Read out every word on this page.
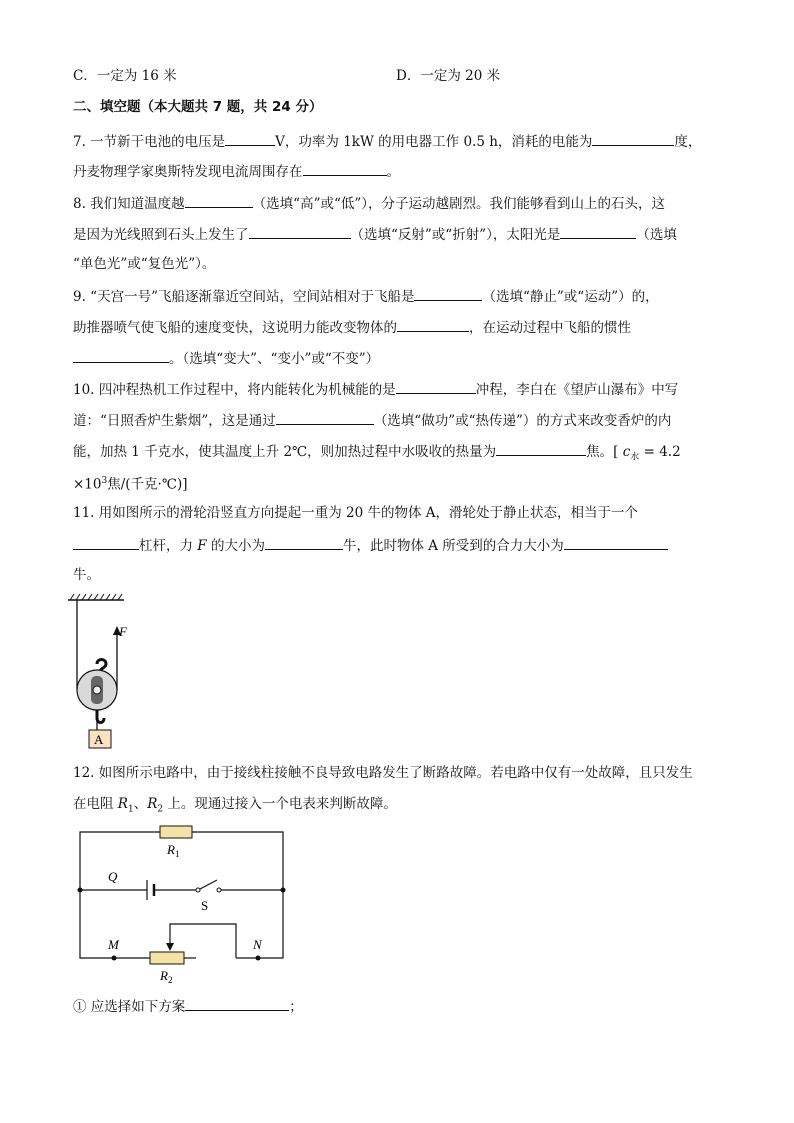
C．一定为 16 米	D．一定为 20 米
二、填空题（本大题共 7 题，共 24 分）
7. 一节新干电池的电压是	V，功率为 1kW 的用电器工作 0.5 h，消耗的电能为	度，
丹麦物理学家奥斯特发现电流周围存在	。
8. 我们知道温度越	（选填“高”或“低”），分子运动越剧烈。我们能够看到山上的石头，这
是因为光线照到石头上发生了	（选填“反射”或“折射”），太阳光是	（选填
“单色光”或“复色光”）。
9. “天宫一号”飞船逐渐靠近空间站，空间站相对于飞船是	（选填“静止”或“运动”）的，
助推器喷气使飞船的速度变快，这说明力能改变物体的	，在运动过程中飞船的惯性
。（选填“变大”、“变小”或“不变”）
10. 四冲程热机工作过程中，将内能转化为机械能的是	冲程，李白在《望庐山瀑布》中写
道：“日照香炉生紫烟”，这是通过	（选填“做功”或“热传递”）的方式来改变香炉的内
能，加热 1 千克水，使其温度上升 2℃，则加热过程中水吸收的热量为	焦。[ $c_水 = 4.2$
$\times 10^3$焦/(千克·℃)]
11. 用如图所示的滑轮沿竖直方向提起一重为 20 牛的物体 A，滑轮处于静止状态，相当于一个
杠杆，力 F 的大小为	牛，此时物体 A 所受到的合力大小为
牛。
F
A
12. 如图所示电路中，由于接线柱接触不良导致电路发生了断路故障。若电路中仅有一处故障，且只发生
在电阻 $R_1$、$R_2$ 上。现通过接入一个电表来判断故障。
$R_1$
Q
S
M	N
$R_2$
① 应选择如下方案	；
